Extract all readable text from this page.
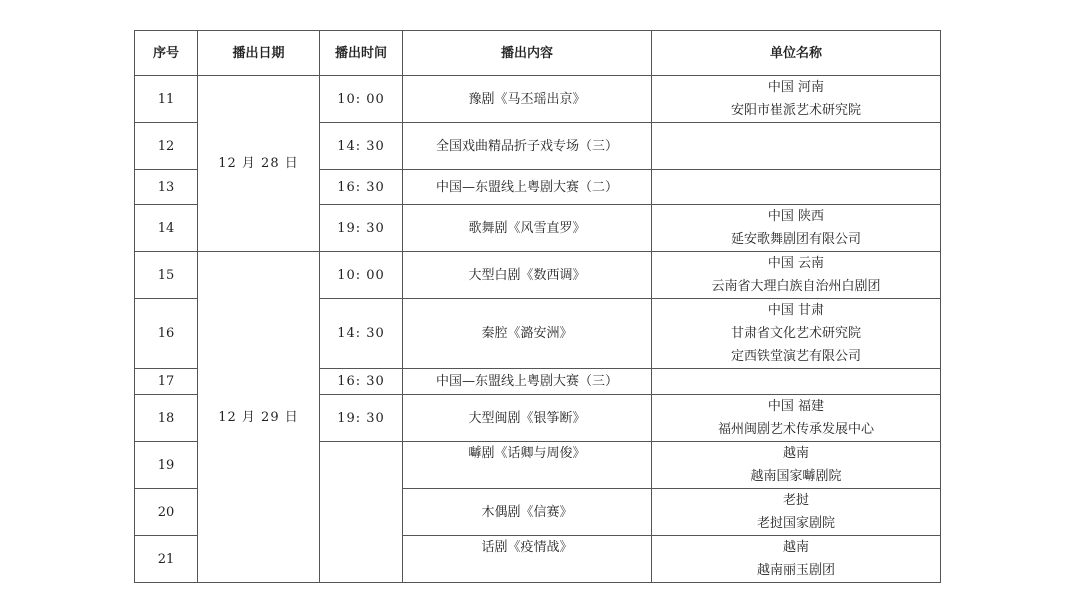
序号	播出日期	播出时间	播出内容	单位名称
11	12 月 28 日	10: 00	豫剧《马丕瑶出京》	中国 河南
安阳市崔派艺术研究院

12		14: 30	全国戏曲精品折子戏专场（三）	
13		16: 30	中国—东盟线上粤剧大赛（二）	
14		19: 30	歌舞剧《风雪直罗》	中国 陕西
延安歌舞剧团有限公司

15	12 月 29 日	10: 00	大型白剧《数西调》	中国 云南
云南省大理白族自治州白剧团

16		14: 30	秦腔《潞安洲》	中国 甘肃
甘肃省文化艺术研究院
定西铁堂演艺有限公司

17		16: 30	中国—东盟线上粤剧大赛（三）	
18		19: 30	大型闽剧《银筝断》	中国 福建
福州闽剧艺术传承发展中心

19			嚹剧《话卿与周俊》	越南
越南国家嚹剧院

20			木偶剧《信赛》	老挝
老挝国家剧院

21			话剧《疫情战》	越南
越南丽玉剧团
